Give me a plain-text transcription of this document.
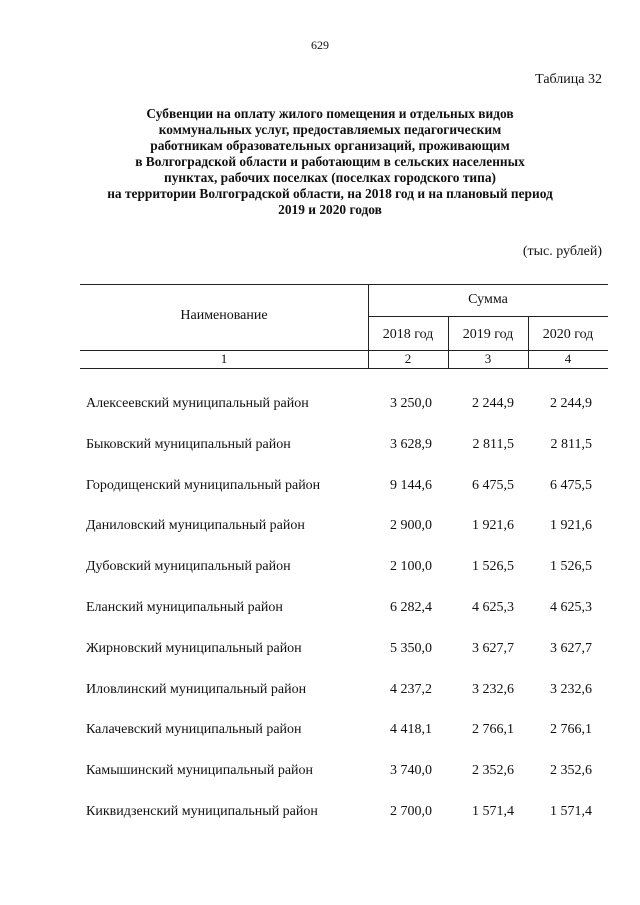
629
Таблица 32
Субвенции на оплату жилого помещения и отдельных видов
коммунальных услуг, предоставляемых педагогическим
работникам образовательных организаций, проживающим
в Волгоградской области и работающим в сельских населенных
пунктах, рабочих поселках (поселках городского типа)
на территории Волгоградской области, на 2018 год и на плановый период
2019 и 2020 годов
(тыс. рублей)
Наименование
Сумма
2018 год	2019 год	2020 год
1	2	3	4
Алексеевский муниципальный район	3 250,0	2 244,9	2 244,9
Быковский муниципальный район	3 628,9	2 811,5	2 811,5
Городищенский муниципальный район	9 144,6	6 475,5	6 475,5
Даниловский муниципальный район	2 900,0	1 921,6	1 921,6
Дубовский муниципальный район	2 100,0	1 526,5	1 526,5
Еланский муниципальный район	6 282,4	4 625,3	4 625,3
Жирновский муниципальный район	5 350,0	3 627,7	3 627,7
Иловлинский муниципальный район	4 237,2	3 232,6	3 232,6
Калачевский муниципальный район	4 418,1	2 766,1	2 766,1
Камышинский муниципальный район	3 740,0	2 352,6	2 352,6
Киквидзенский муниципальный район	2 700,0	1 571,4	1 571,4
